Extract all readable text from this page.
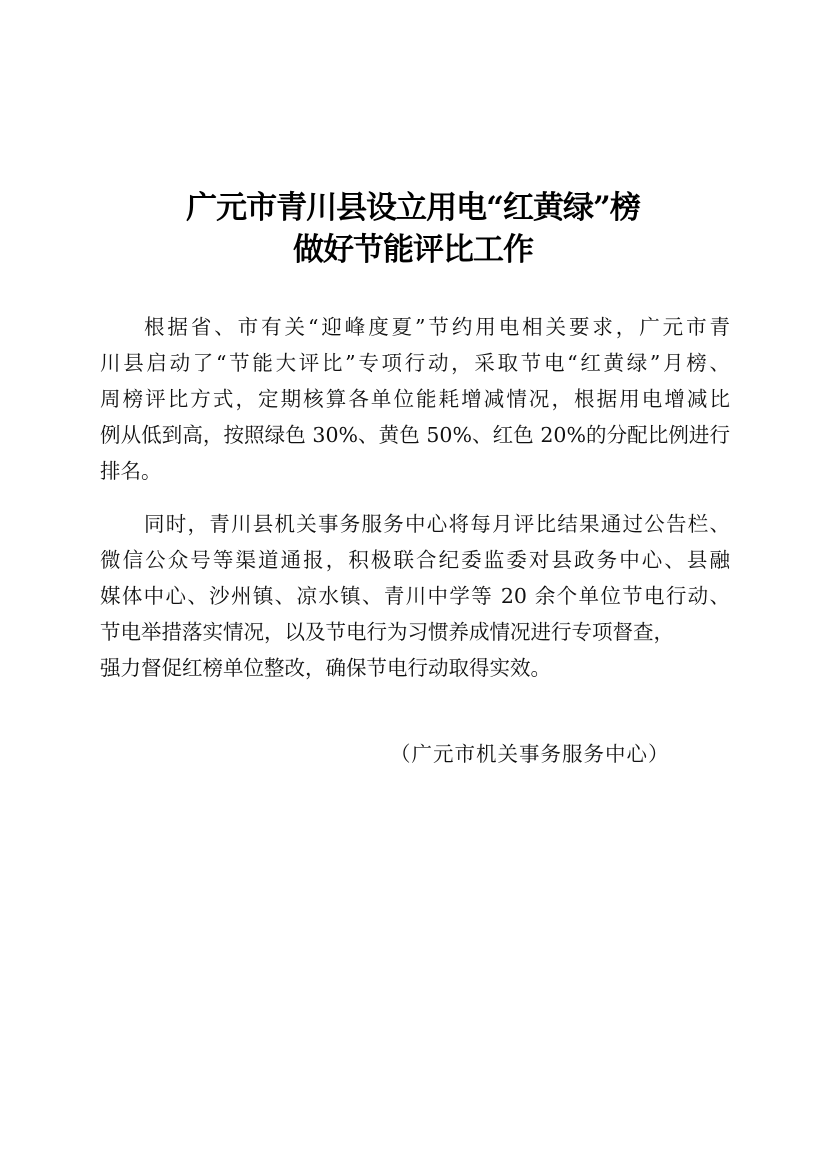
广元市青川县设立用电“红黄绿”榜
做好节能评比工作
根据省、市有关“迎峰度夏”节约用电相关要求，广元市青
川县启动了“节能大评比”专项行动，采取节电“红黄绿”月榜、
周榜评比方式，定期核算各单位能耗增减情况，根据用电增减比
例从低到高，按照绿色 30%、黄色 50%、红色 20%的分配比例进行
排名。
同时，青川县机关事务服务中心将每月评比结果通过公告栏、
微信公众号等渠道通报，积极联合纪委监委对县政务中心、县融
媒体中心、沙州镇、凉水镇、青川中学等 20 余个单位节电行动、
节电举措落实情况，以及节电行为习惯养成情况进行专项督查，
强力督促红榜单位整改，确保节电行动取得实效。
（广元市机关事务服务中心）
